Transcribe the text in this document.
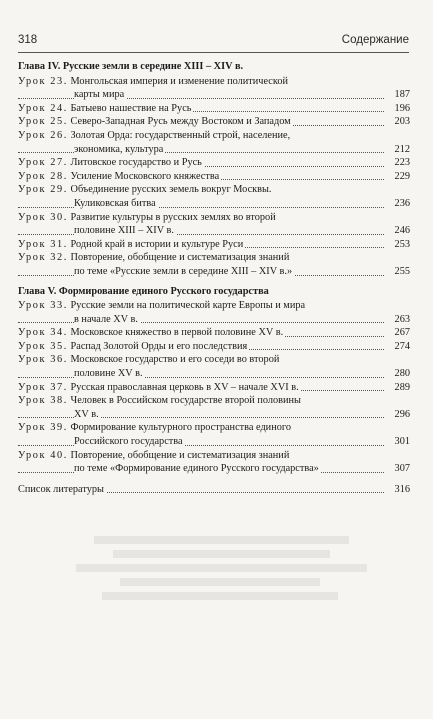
318	Содержание
Глава IV. Русские земли в середине XIII – XIV в.
Урок 23. Монгольская империя и изменение политической
карты мира	187
Урок 24. Батыево нашествие на Русь	196
Урок 25. Северо-Западная Русь между Востоком и Западом	203
Урок 26. Золотая Орда: государственный строй, население,
экономика, культура	212
Урок 27. Литовское государство и Русь	223
Урок 28. Усиление Московского княжества	229
Урок 29. Объединение русских земель вокруг Москвы.
Куликовская битва	236
Урок 30. Развитие культуры в русских землях во второй
половине XIII – XIV в.	246
Урок 31. Родной край в истории и культуре Руси	253
Урок 32. Повторение, обобщение и систематизация знаний
по теме «Русские земли в середине XIII – XIV в.»	255
Глава V. Формирование единого Русского государства
Урок 33. Русские земли на политической карте Европы и мира
в начале XV в.	263
Урок 34. Московское княжество в первой половине XV в.	267
Урок 35. Распад Золотой Орды и его последствия	274
Урок 36. Московское государство и его соседи во второй
половине XV в.	280
Урок 37. Русская православная церковь в XV – начале XVI в.	289
Урок 38. Человек в Российском государстве второй половины
XV в.	296
Урок 39. Формирование культурного пространства единого
Российского государства	301
Урок 40. Повторение, обобщение и систематизация знаний
по теме «Формирование единого Русского государства»	307
Список литературы	316
